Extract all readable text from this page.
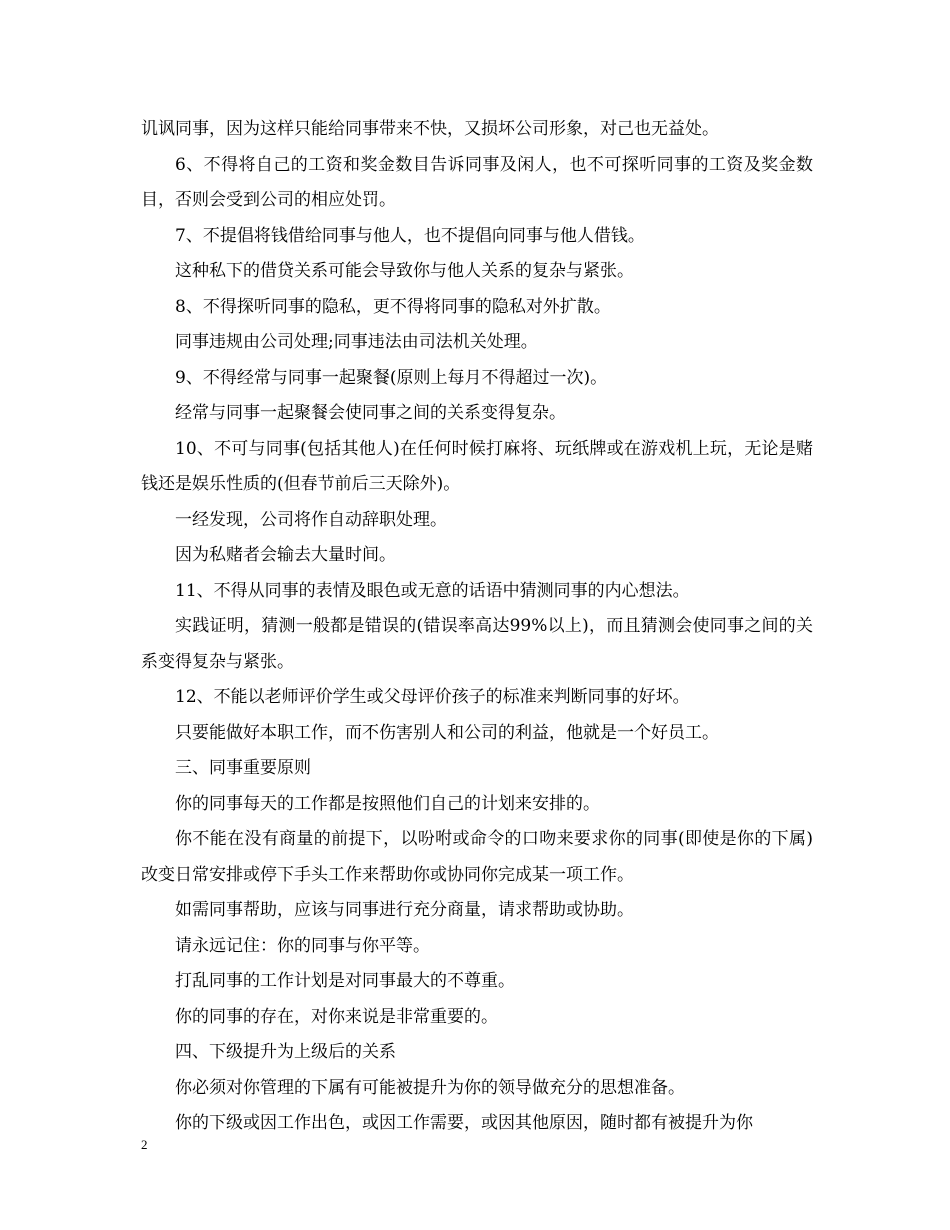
讥讽同事，因为这样只能给同事带来不快，又损坏公司形象，对己也无益处。

6、不得将自己的工资和奖金数目告诉同事及闲人，也不可探听同事的工资及奖金数目，否则会受到公司的相应处罚。

7、不提倡将钱借给同事与他人，也不提倡向同事与他人借钱。

这种私下的借贷关系可能会导致你与他人关系的复杂与紧张。

8、不得探听同事的隐私，更不得将同事的隐私对外扩散。

同事违规由公司处理;同事违法由司法机关处理。

9、不得经常与同事一起聚餐(原则上每月不得超过一次)。

经常与同事一起聚餐会使同事之间的关系变得复杂。

10、不可与同事(包括其他人)在任何时候打麻将、玩纸牌或在游戏机上玩，无论是赌钱还是娱乐性质的(但春节前后三天除外)。

一经发现，公司将作自动辞职处理。

因为私赌者会输去大量时间。

11、不得从同事的表情及眼色或无意的话语中猜测同事的内心想法。

实践证明，猜测一般都是错误的(错误率高达99%以上)，而且猜测会使同事之间的关系变得复杂与紧张。

12、不能以老师评价学生或父母评价孩子的标准来判断同事的好坏。

只要能做好本职工作，而不伤害别人和公司的利益，他就是一个好员工。

三、同事重要原则

你的同事每天的工作都是按照他们自己的计划来安排的。

你不能在没有商量的前提下，以吩咐或命令的口吻来要求你的同事(即使是你的下属)改变日常安排或停下手头工作来帮助你或协同你完成某一项工作。

如需同事帮助，应该与同事进行充分商量，请求帮助或协助。

请永远记住：你的同事与你平等。

打乱同事的工作计划是对同事最大的不尊重。

你的同事的存在，对你来说是非常重要的。

四、下级提升为上级后的关系

你必须对你管理的下属有可能被提升为你的领导做充分的思想准备。

你的下级或因工作出色，或因工作需要，或因其他原因，随时都有被提升为你

2
